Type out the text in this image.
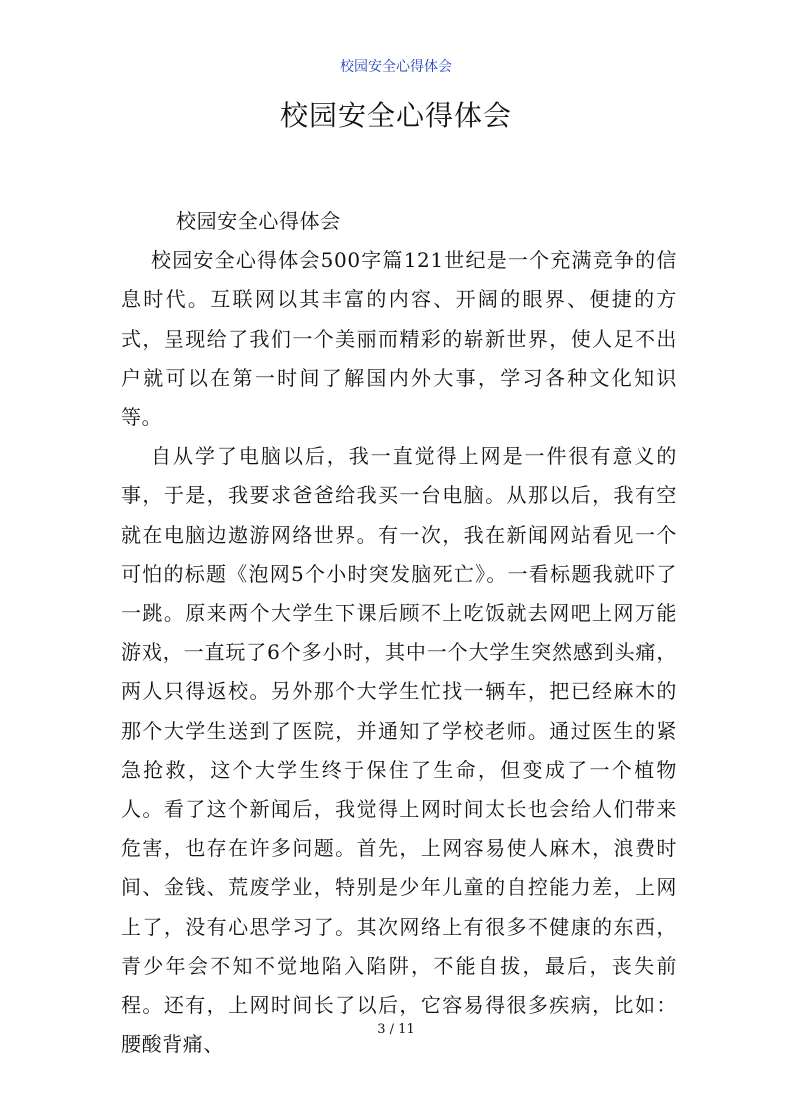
校园安全心得体会
校园安全心得体会

校园安全心得体会

校园安全心得体会500字篇121世纪是一个充满竞争的信息时代。互联网以其丰富的内容、开阔的眼界、便捷的方式，呈现给了我们一个美丽而精彩的崭新世界，使人足不出户就可以在第一时间了解国内外大事，学习各种文化知识等。

自从学了电脑以后，我一直觉得上网是一件很有意义的事，于是，我要求爸爸给我买一台电脑。从那以后，我有空就在电脑边遨游网络世界。有一次，我在新闻网站看见一个可怕的标题《泡网5个小时突发脑死亡》。一看标题我就吓了一跳。原来两个大学生下课后顾不上吃饭就去网吧上网万能游戏，一直玩了6个多小时，其中一个大学生突然感到头痛，两人只得返校。另外那个大学生忙找一辆车，把已经麻木的那个大学生送到了医院，并通知了学校老师。通过医生的紧急抢救，这个大学生终于保住了生命，但变成了一个植物人。看了这个新闻后，我觉得上网时间太长也会给人们带来危害，也存在许多问题。首先，上网容易使人麻木，浪费时间、金钱、荒废学业，特别是少年儿童的自控能力差，上网上了，没有心思学习了。其次网络上有很多不健康的东西，青少年会不知不觉地陷入陷阱，不能自拔，最后，丧失前程。还有，上网时间长了以后，它容易得很多疾病，比如：腰酸背痛、

3 / 11
